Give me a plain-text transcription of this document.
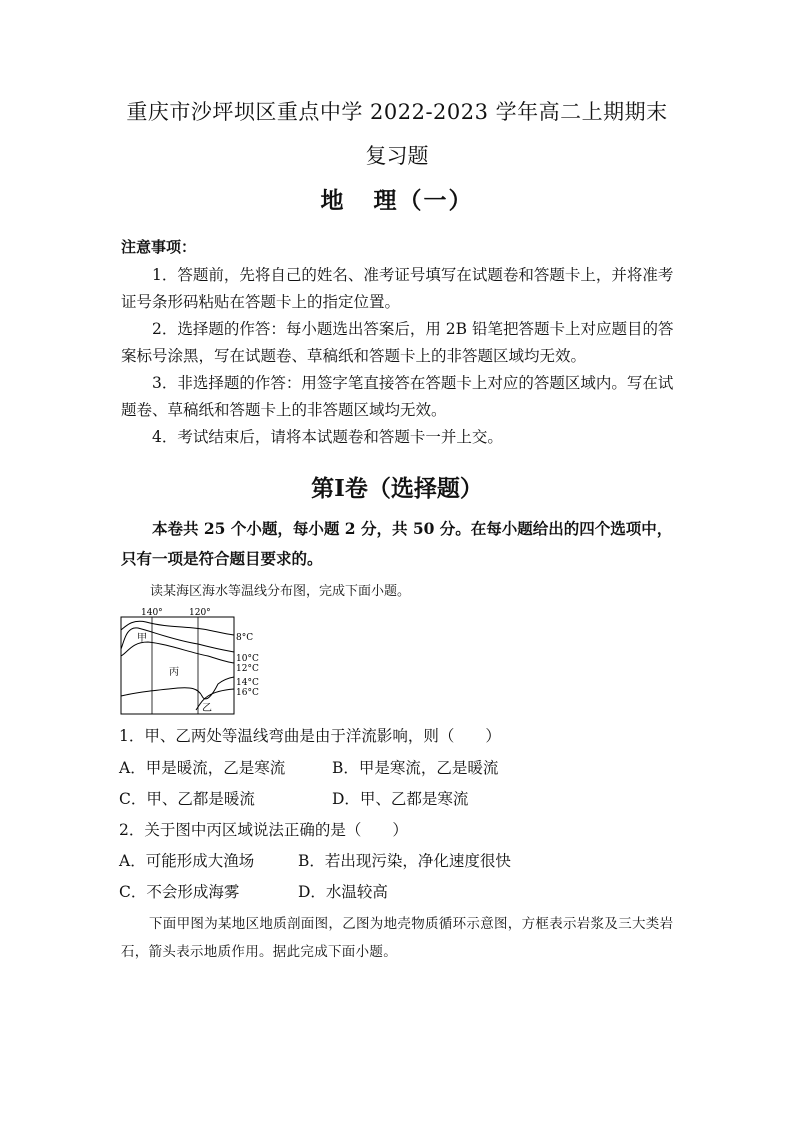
重庆市沙坪坝区重点中学 2022-2023 学年高二上期期末
复习题
地 理（一）
注意事项：

1．答题前，先将自己的姓名、准考证号填写在试题卷和答题卡上，并将准考证号条形码粘贴在答题卡上的指定位置。

2．选择题的作答：每小题选出答案后，用 2B 铅笔把答题卡上对应题目的答案标号涂黑，写在试题卷、草稿纸和答题卡上的非答题区域均无效。

3．非选择题的作答：用签字笔直接答在答题卡上对应的答题区域内。写在试题卷、草稿纸和答题卡上的非答题区域均无效。

4．考试结束后，请将本试题卷和答题卡一并上交。

第Ⅰ卷（选择题）

本卷共 25 个小题，每小题 2 分，共 50 分。在每小题给出的四个选项中，只有一项是符合题目要求的。

读某海区海水等温线分布图，完成下面小题。
140°	120°
甲
丙
乙
8°C
10°C
12°C
14°C
16°C
1．甲、乙两处等温线弯曲是由于洋流影响，则（　　）
A．甲是暖流，乙是寒流	B．甲是寒流，乙是暖流
C．甲、乙都是暖流	D．甲、乙都是寒流
2．关于图中丙区域说法正确的是（　　）
A．可能形成大渔场	B．若出现污染，净化速度很快
C．不会形成海雾	D．水温较高

下面甲图为某地区地质剖面图，乙图为地壳物质循环示意图，方框表示岩浆及三大类岩石，箭头表示地质作用。据此完成下面小题。
